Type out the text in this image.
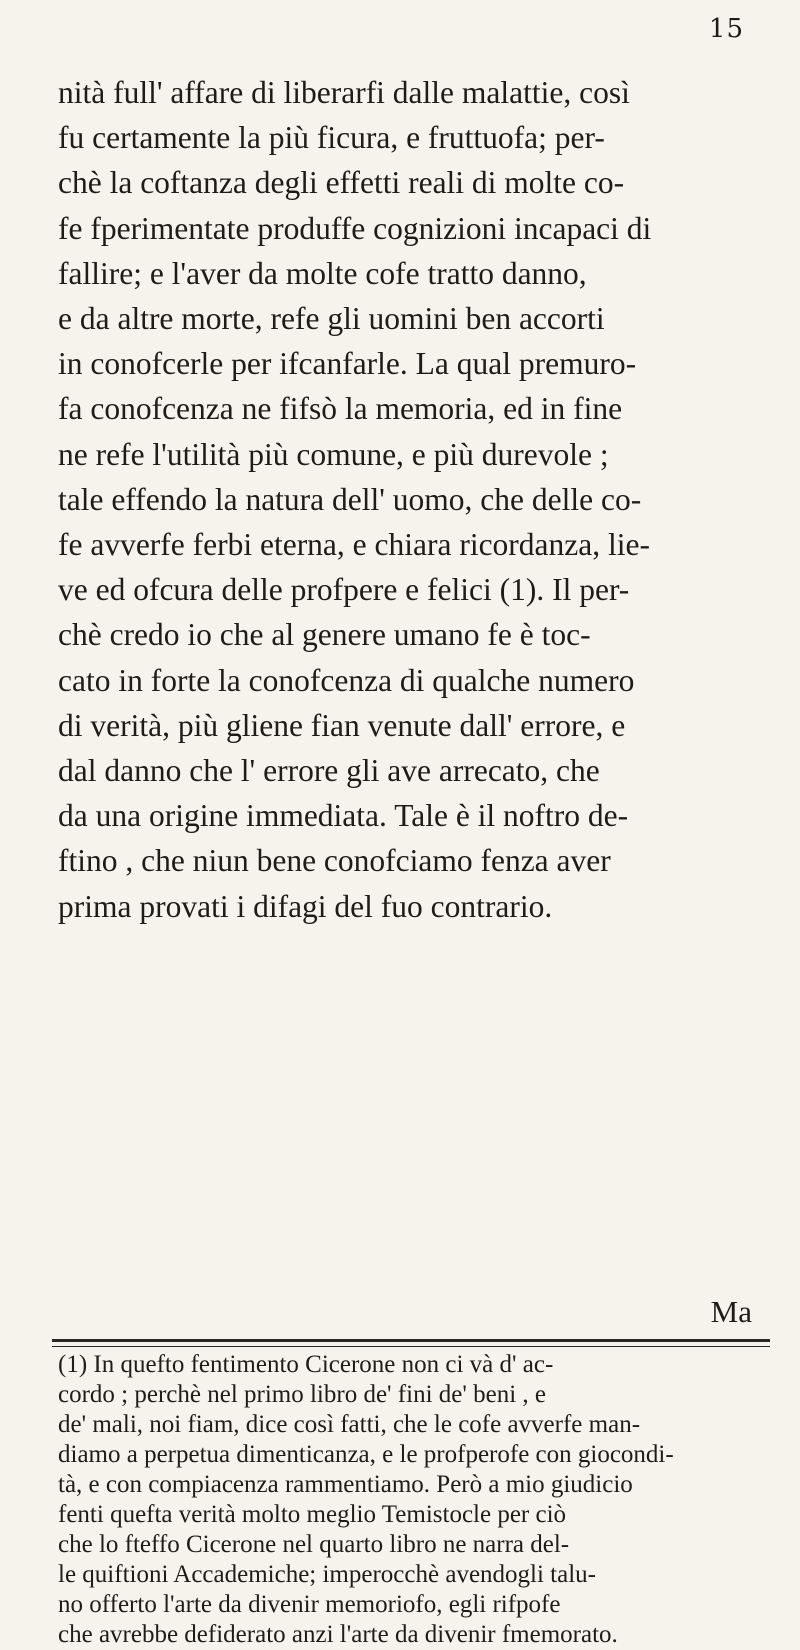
15
nità full' affare di liberarfi dalle malattie, così
fu certamente la più ficura, e fruttuofa; per-
chè la coftanza degli effetti reali di molte co-
fe fperimentate produffe cognizioni incapaci di
fallire; e l'aver da molte cofe tratto danno,
e da altre morte, refe gli uomini ben accorti
in conofcerle per ifcanfarle. La qual premuro-
fa conofcenza ne fifsò la memoria, ed in fine
ne refe l'utilità più comune, e più durevole ;
tale effendo la natura dell' uomo, che delle co-
fe avverfe ferbi eterna, e chiara ricordanza, lie-
ve ed ofcura delle profpere e felici (1). Il per-
chè credo io che al genere umano fe è toc-
cato in forte la conofcenza di qualche numero
di verità, più gliene fian venute dall' errore, e
dal danno che l' errore gli ave arrecato, che
da una origine immediata. Tale è il noftro de-
ftino , che niun bene conofciamo fenza aver
prima provati i difagi del fuo contrario.
Ma
(1) In quefto fentimento Cicerone non ci và d' ac-
cordo ; perchè nel primo libro de' fini de' beni , e
de' mali, noi fiam, dice così fatti, che le cofe avverfe man-
diamo a perpetua dimenticanza, e le profperofe con giocondi-
tà, e con compiacenza rammentiamo. Però a mio giudicio
fenti quefta verità molto meglio Temistocle per ciò
che lo fteffo Cicerone nel quarto libro ne narra del-
le quiftioni Accademiche; imperocchè avendogli talu-
no offerto l'arte da divenir memoriofo, egli rifpofe
che avrebbe defiderato anzi l'arte da divenir fmemorato.
